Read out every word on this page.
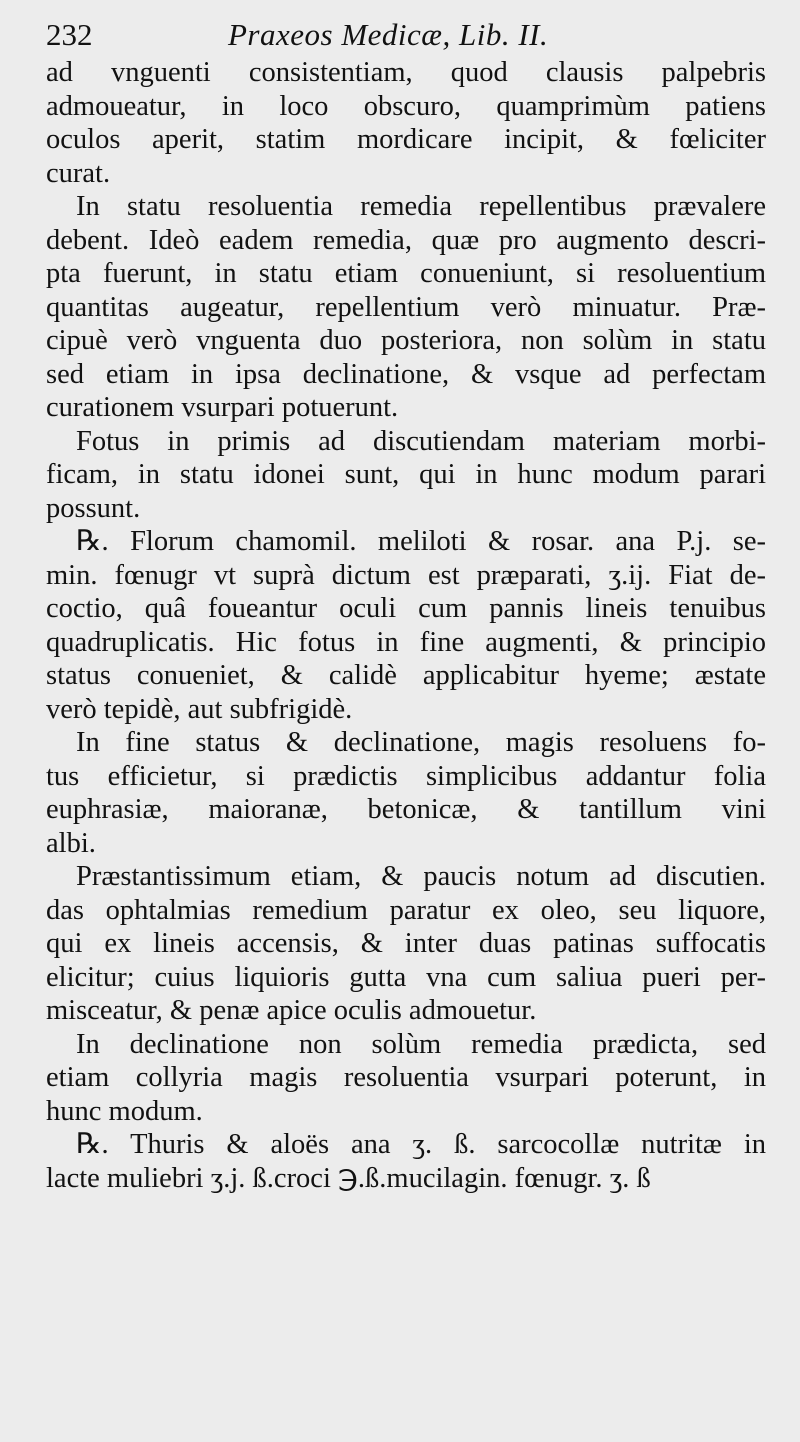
232	Praxeos Medicæ, Lib. II.

ad vnguenti consistentiam, quod clausis palpebris
admoueatur, in loco obscuro, quamprimùm patiens
oculos aperit, statim mordicare incipit, & fœliciter
curat.

In statu resoluentia remedia repellentibus prævalere
debent. Ideò eadem remedia, quæ pro augmento descri-
pta fuerunt, in statu etiam conueniunt, si resoluentium
quantitas augeatur, repellentium verò minuatur. Præ-
cipuè verò vnguenta duo posteriora, non solùm in statu
sed etiam in ipsa declinatione, & vsque ad perfectam
curationem vsurpari potuerunt.

Fotus in primis ad discutiendam materiam morbi-
ficam, in statu idonei sunt, qui in hunc modum parari
possunt.

℞. Florum chamomil. meliloti & rosar. ana P.j. se-
min. fœnugr vt suprà dictum est præparati, ʒ.ij. Fiat de-
coctio, quâ foueantur oculi cum pannis lineis tenuibus
quadruplicatis. Hic fotus in fine augmenti, & principio
status conueniet, & calidè applicabitur hyeme; æstate
verò tepidè, aut subfrigidè.

In fine status & declinatione, magis resoluens fo-
tus efficietur, si prædictis simplicibus addantur folia
euphrasiæ, maioranæ, betonicæ, & tantillum vini
albi.

Præstantissimum etiam, & paucis notum ad discutien.
das ophtalmias remedium paratur ex oleo, seu liquore,
qui ex lineis accensis, & inter duas patinas suffocatis
elicitur; cuius liquioris gutta vna cum saliua pueri per-
misceatur, & penæ apice oculis admouetur.

In declinatione non solùm remedia prædicta, sed
etiam collyria magis resoluentia vsurpari poterunt, in
hunc modum.

℞. Thuris & aloës ana ʒ. ß. sarcocollæ nutritæ in
lacte muliebri ʒ.j. ß.croci ℈.ß.mucilagin. fœnugr. ʒ. ß
